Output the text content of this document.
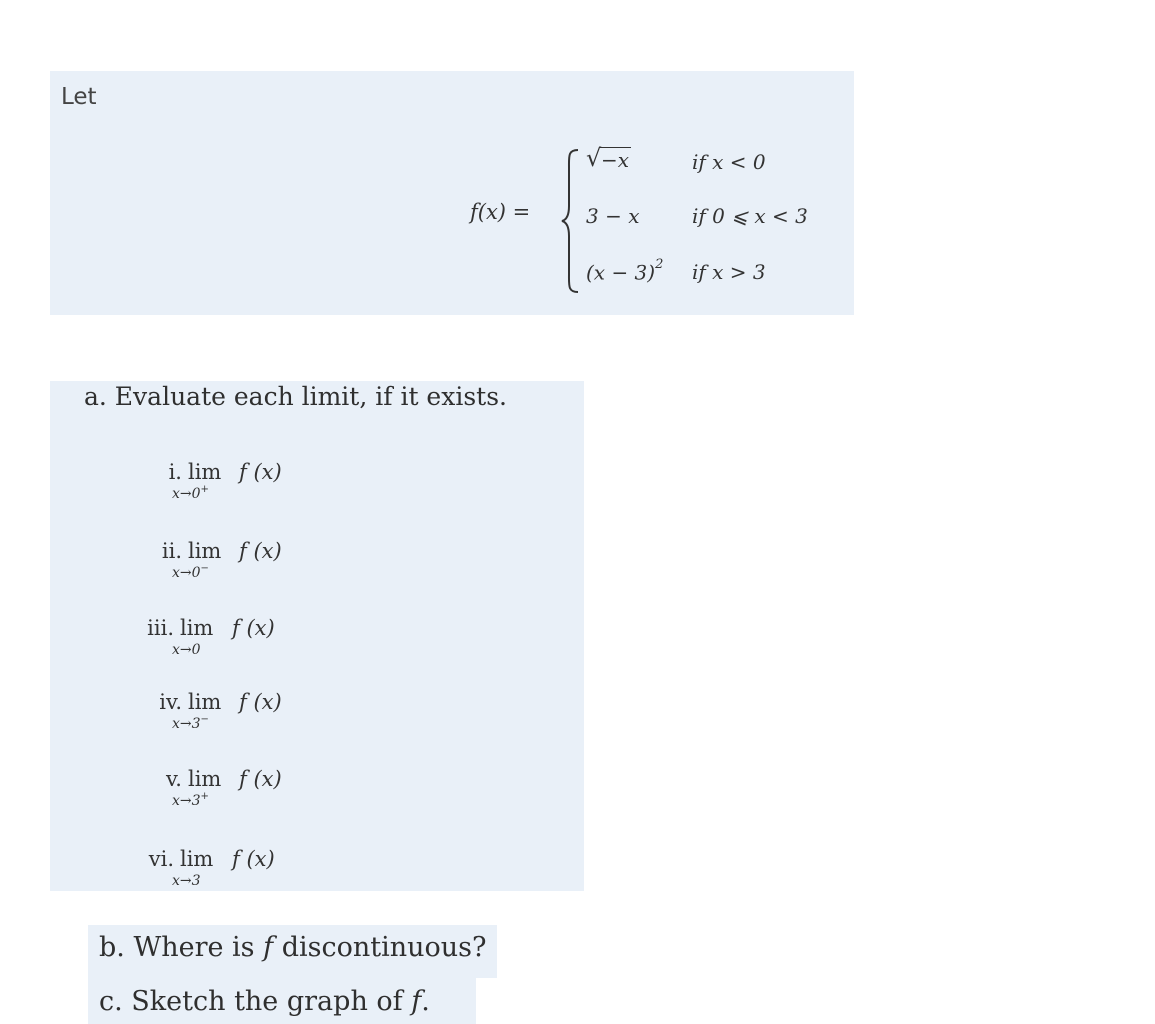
Let
f(x) =
√ −x	if x < 0
3 − x	if 0 ⩽ x < 3
$(x - 3)^2$ if x > 3
a. Evaluate each limit, if it exists.
i. lim
x→0+
f (x)
ii. lim
x→0−
f (x)
iii. lim
x→0
f (x)
iv. lim
x→3−
f (x)
v. lim
x→3+
f (x)
vi. lim
x→3
f (x)
b. Where is f discontinuous?
c. Sketch the graph of f.
